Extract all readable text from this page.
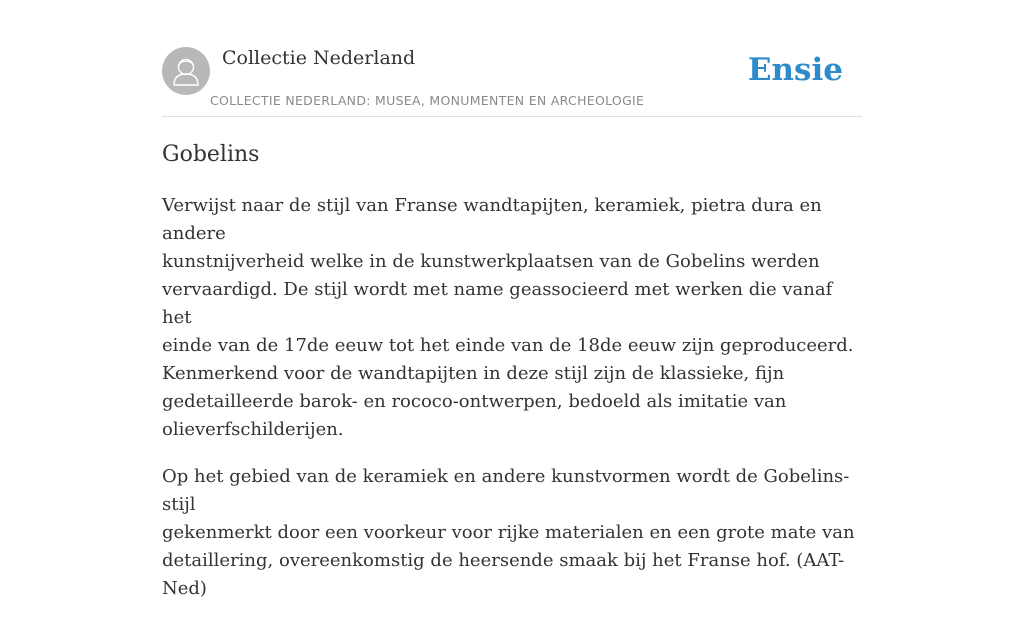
Collectie Nederland
COLLECTIE NEDERLAND: MUSEA, MONUMENTEN EN ARCHEOLOGIE
Ensie
Gobelins

Verwijst naar de stijl van Franse wandtapijten, keramiek, pietra dura en andere
kunstnijverheid welke in de kunstwerkplaatsen van de Gobelins werden
vervaardigd. De stijl wordt met name geassocieerd met werken die vanaf het
einde van de 17de eeuw tot het einde van de 18de eeuw zijn geproduceerd.
Kenmerkend voor de wandtapijten in deze stijl zijn de klassieke, fijn
gedetailleerde barok- en rococo-ontwerpen, bedoeld als imitatie van
olieverfschilderijen.

Op het gebied van de keramiek en andere kunstvormen wordt de Gobelins-stijl
gekenmerkt door een voorkeur voor rijke materialen en een grote mate van
detaillering, overeenkomstig de heersende smaak bij het Franse hof. (AAT-Ned)
